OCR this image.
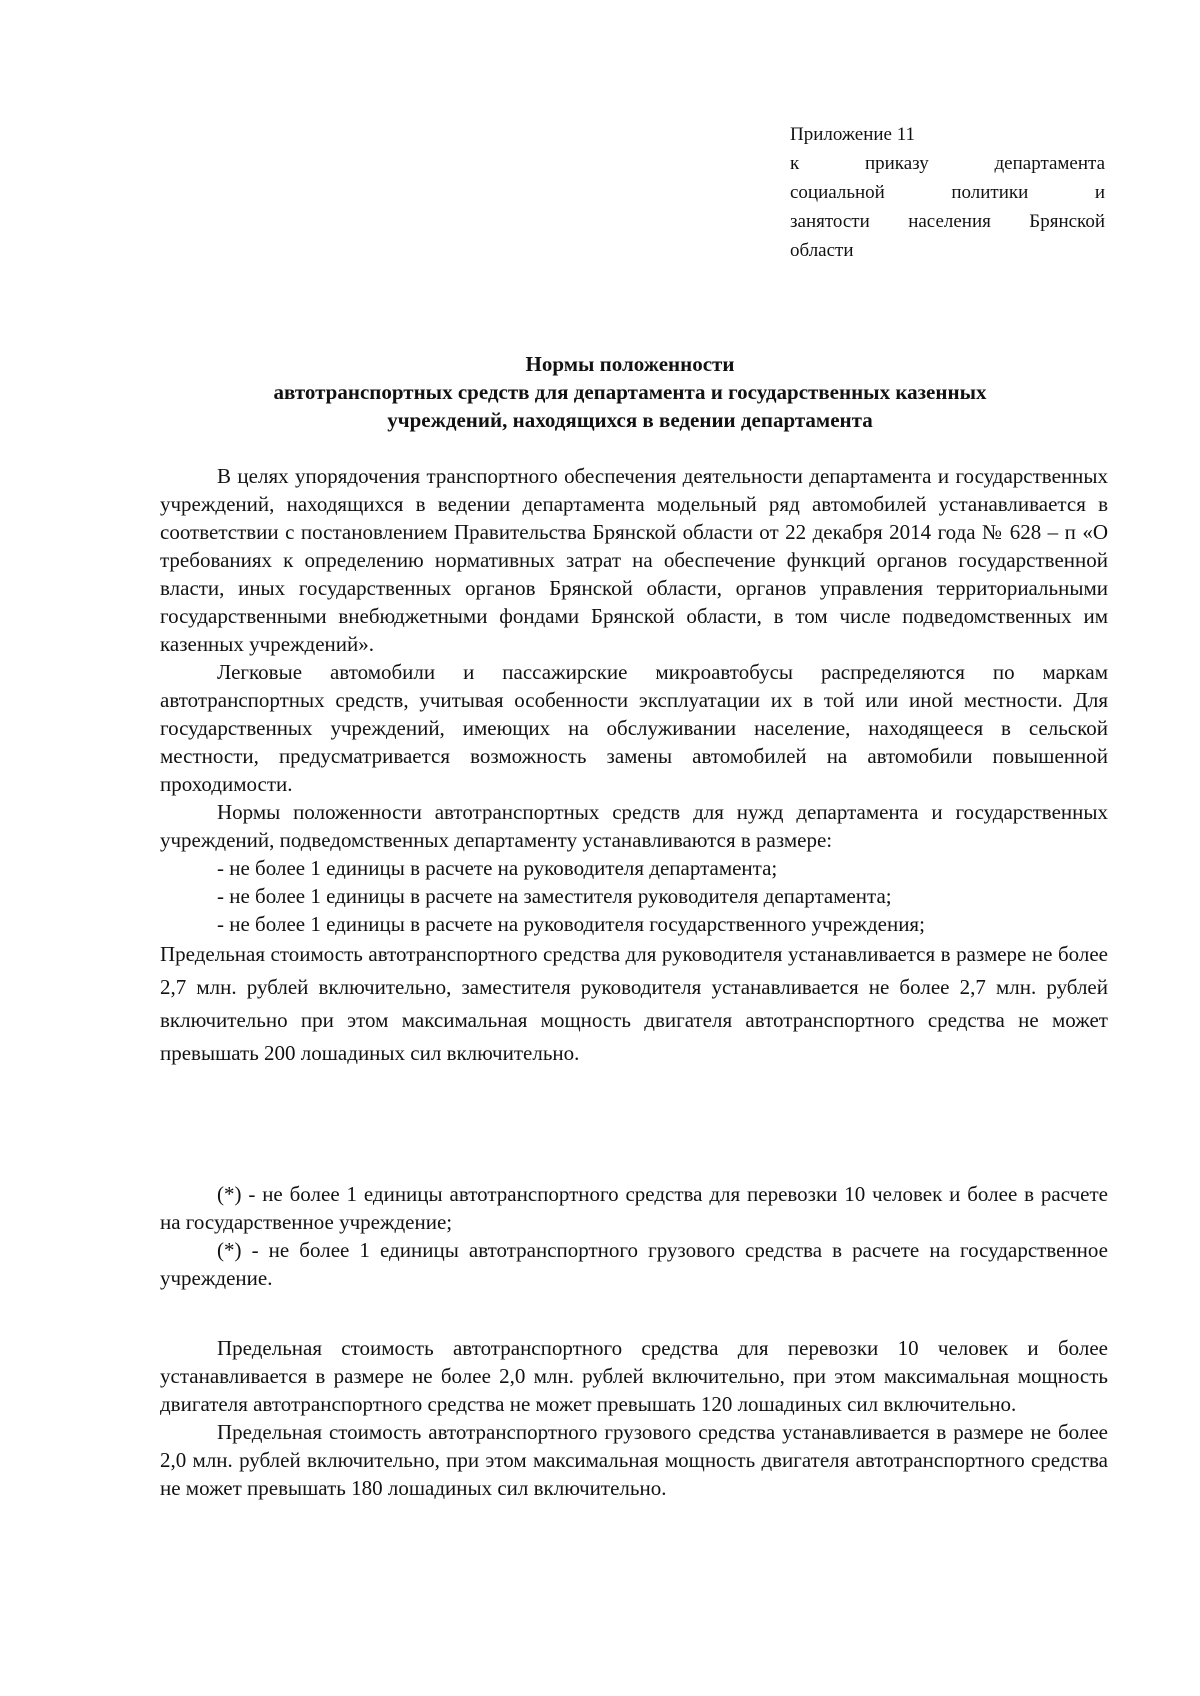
Приложение 11
к приказу департамента
социальной политики и
занятости населения Брянской
области
Нормы положенности
автотранспортных средств для департамента и государственных казенных
учреждений, находящихся в ведении департамента

В целях упорядочения транспортного обеспечения деятельности департамента и государственных учреждений, находящихся в ведении департамента модельный ряд автомобилей устанавливается в соответствии с постановлением Правительства Брянской области от 22 декабря 2014 года № 628 – п «О требованиях к определению нормативных затрат на обеспечение функций органов государственной власти, иных государственных органов Брянской области, органов управления территориальными государственными внебюджетными фондами Брянской области, в том числе подведомственных им казенных учреждений».

Легковые автомобили и пассажирские микроавтобусы распределяются по маркам автотранспортных средств, учитывая особенности эксплуатации их в той или иной местности. Для государственных учреждений, имеющих на обслуживании население, находящееся в сельской местности, предусматривается возможность замены автомобилей на автомобили повышенной проходимости.

Нормы положенности автотранспортных средств для нужд департамента и государственных учреждений, подведомственных департаменту устанавливаются в размере:

- не более 1 единицы в расчете на руководителя департамента;

- не более 1 единицы в расчете на заместителя руководителя департамента;

- не более 1 единицы в расчете на руководителя государственного учреждения;

Предельная стоимость автотранспортного средства для руководителя устанавливается в размере не более 2,7 млн. рублей включительно, заместителя руководителя устанавливается не более 2,7 млн. рублей включительно при этом максимальная мощность двигателя автотранспортного средства не может превышать 200 лошадиных сил включительно.

(*) - не более 1 единицы автотранспортного средства для перевозки 10 человек и более в расчете на государственное учреждение;

(*) - не более 1 единицы автотранспортного грузового средства в расчете на государственное учреждение.

Предельная стоимость автотранспортного средства для перевозки 10 человек и более устанавливается в размере не более 2,0 млн. рублей включительно, при этом максимальная мощность двигателя автотранспортного средства не может превышать 120 лошадиных сил включительно.

Предельная стоимость автотранспортного грузового средства устанавливается в размере не более 2,0 млн. рублей включительно, при этом максимальная мощность двигателя автотранспортного средства не может превышать 180 лошадиных сил включительно.
